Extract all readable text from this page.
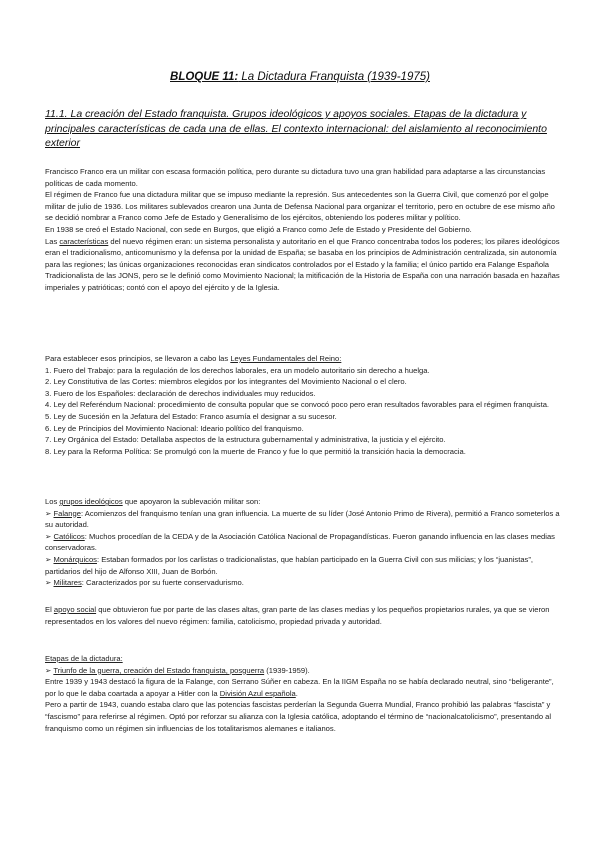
BLOQUE 11: La Dictadura Franquista (1939-1975)
11.1. La creación del Estado franquista. Grupos ideológicos y apoyos sociales. Etapas de la dictadura y principales características de cada una de ellas. El contexto internacional: del aislamiento al reconocimiento exterior

Francisco Franco era un militar con escasa formación política, pero durante su dictadura tuvo una gran habilidad para adaptarse a las circunstancias políticas de cada momento.

El régimen de Franco fue una dictadura militar que se impuso mediante la represión. Sus antecedentes son la Guerra Civil, que comenzó por el golpe militar de julio de 1936. Los militares sublevados crearon una Junta de Defensa Nacional para organizar el territorio, pero en octubre de ese mismo año se decidió nombrar a Franco como Jefe de Estado y Generalísimo de los ejércitos, obteniendo los poderes militar y político.

En 1938 se creó el Estado Nacional, con sede en Burgos, que eligió a Franco como Jefe de Estado y Presidente del Gobierno.

Las características del nuevo régimen eran: un sistema personalista y autoritario en el que Franco concentraba todos los poderes; los pilares ideológicos eran el tradicionalismo, anticomunismo y la defensa por la unidad de España; se basaba en los principios de Administración centralizada, sin autonomía para las regiones; las únicas organizaciones reconocidas eran sindicatos controlados por el Estado y la familia; el único partido era Falange Española Tradicionalista de las JONS, pero se le definió como Movimiento Nacional; la mitificación de la Historia de España con una narración basada en hazañas imperiales y patrióticas; contó con el apoyo del ejército y de la Iglesia.

Para establecer esos principios, se llevaron a cabo las Leyes Fundamentales del Reino:

1. Fuero del Trabajo: para la regulación de los derechos laborales, era un modelo autoritario sin derecho a huelga.

2. Ley Constitutiva de las Cortes: miembros elegidos por los integrantes del Movimiento Nacional o el clero.

3. Fuero de los Españoles: declaración de derechos individuales muy reducidos.

4. Ley del Referéndum Nacional: procedimiento de consulta popular que se convocó poco pero eran resultados favorables para el régimen franquista.

5. Ley de Sucesión en la Jefatura del Estado: Franco asumía el designar a su sucesor.

6. Ley de Principios del Movimiento Nacional: Ideario político del franquismo.

7. Ley Orgánica del Estado: Detallaba aspectos de la estructura gubernamental y administrativa, la justicia y el ejército.

8. Ley para la Reforma Política: Se promulgó con la muerte de Franco y fue lo que permitió la transición hacia la democracia.

Los grupos ideológicos que apoyaron la sublevación militar son:

➢ Falange: Acomienzos del franquismo tenían una gran influencia. La muerte de su líder (José Antonio Primo de Rivera), permitió a Franco someterlos a su autoridad.

➢ Católicos: Muchos procedían de la CEDA y de la Asociación Católica Nacional de Propagandísticas. Fueron ganando influencia en las clases medias conservadoras.

➢ Monárquicos: Estaban formados por los carlistas o tradicionalistas, que habían participado en la Guerra Civil con sus milicias; y los “juanistas”, partidarios del hijo de Alfonso XIII, Juan de Borbón.

➢ Militares: Caracterizados por su fuerte conservadurismo.

El apoyo social que obtuvieron fue por parte de las clases altas, gran parte de las clases medias y los pequeños propietarios rurales, ya que se vieron representados en los valores del nuevo régimen: familia, catolicismo, propiedad privada y autoridad.

Etapas de la dictadura:

➢ Triunfo de la guerra, creación del Estado franquista, posguerra (1939-1959).

Entre 1939 y 1943 destacó la figura de la Falange, con Serrano Súñer en cabeza. En la IIGM España no se había declarado neutral, sino “beligerante”, por lo que le daba coartada a apoyar a Hitler con la División Azul española.

Pero a partir de 1943, cuando estaba claro que las potencias fascistas perderían la Segunda Guerra Mundial, Franco prohibió las palabras “fascista” y “fascismo” para referirse al régimen. Optó por reforzar su alianza con la Iglesia católica, adoptando el término de “nacionalcatolicismo”, presentando al franquismo como un régimen sin influencias de los totalitarismos alemanes e italianos.
